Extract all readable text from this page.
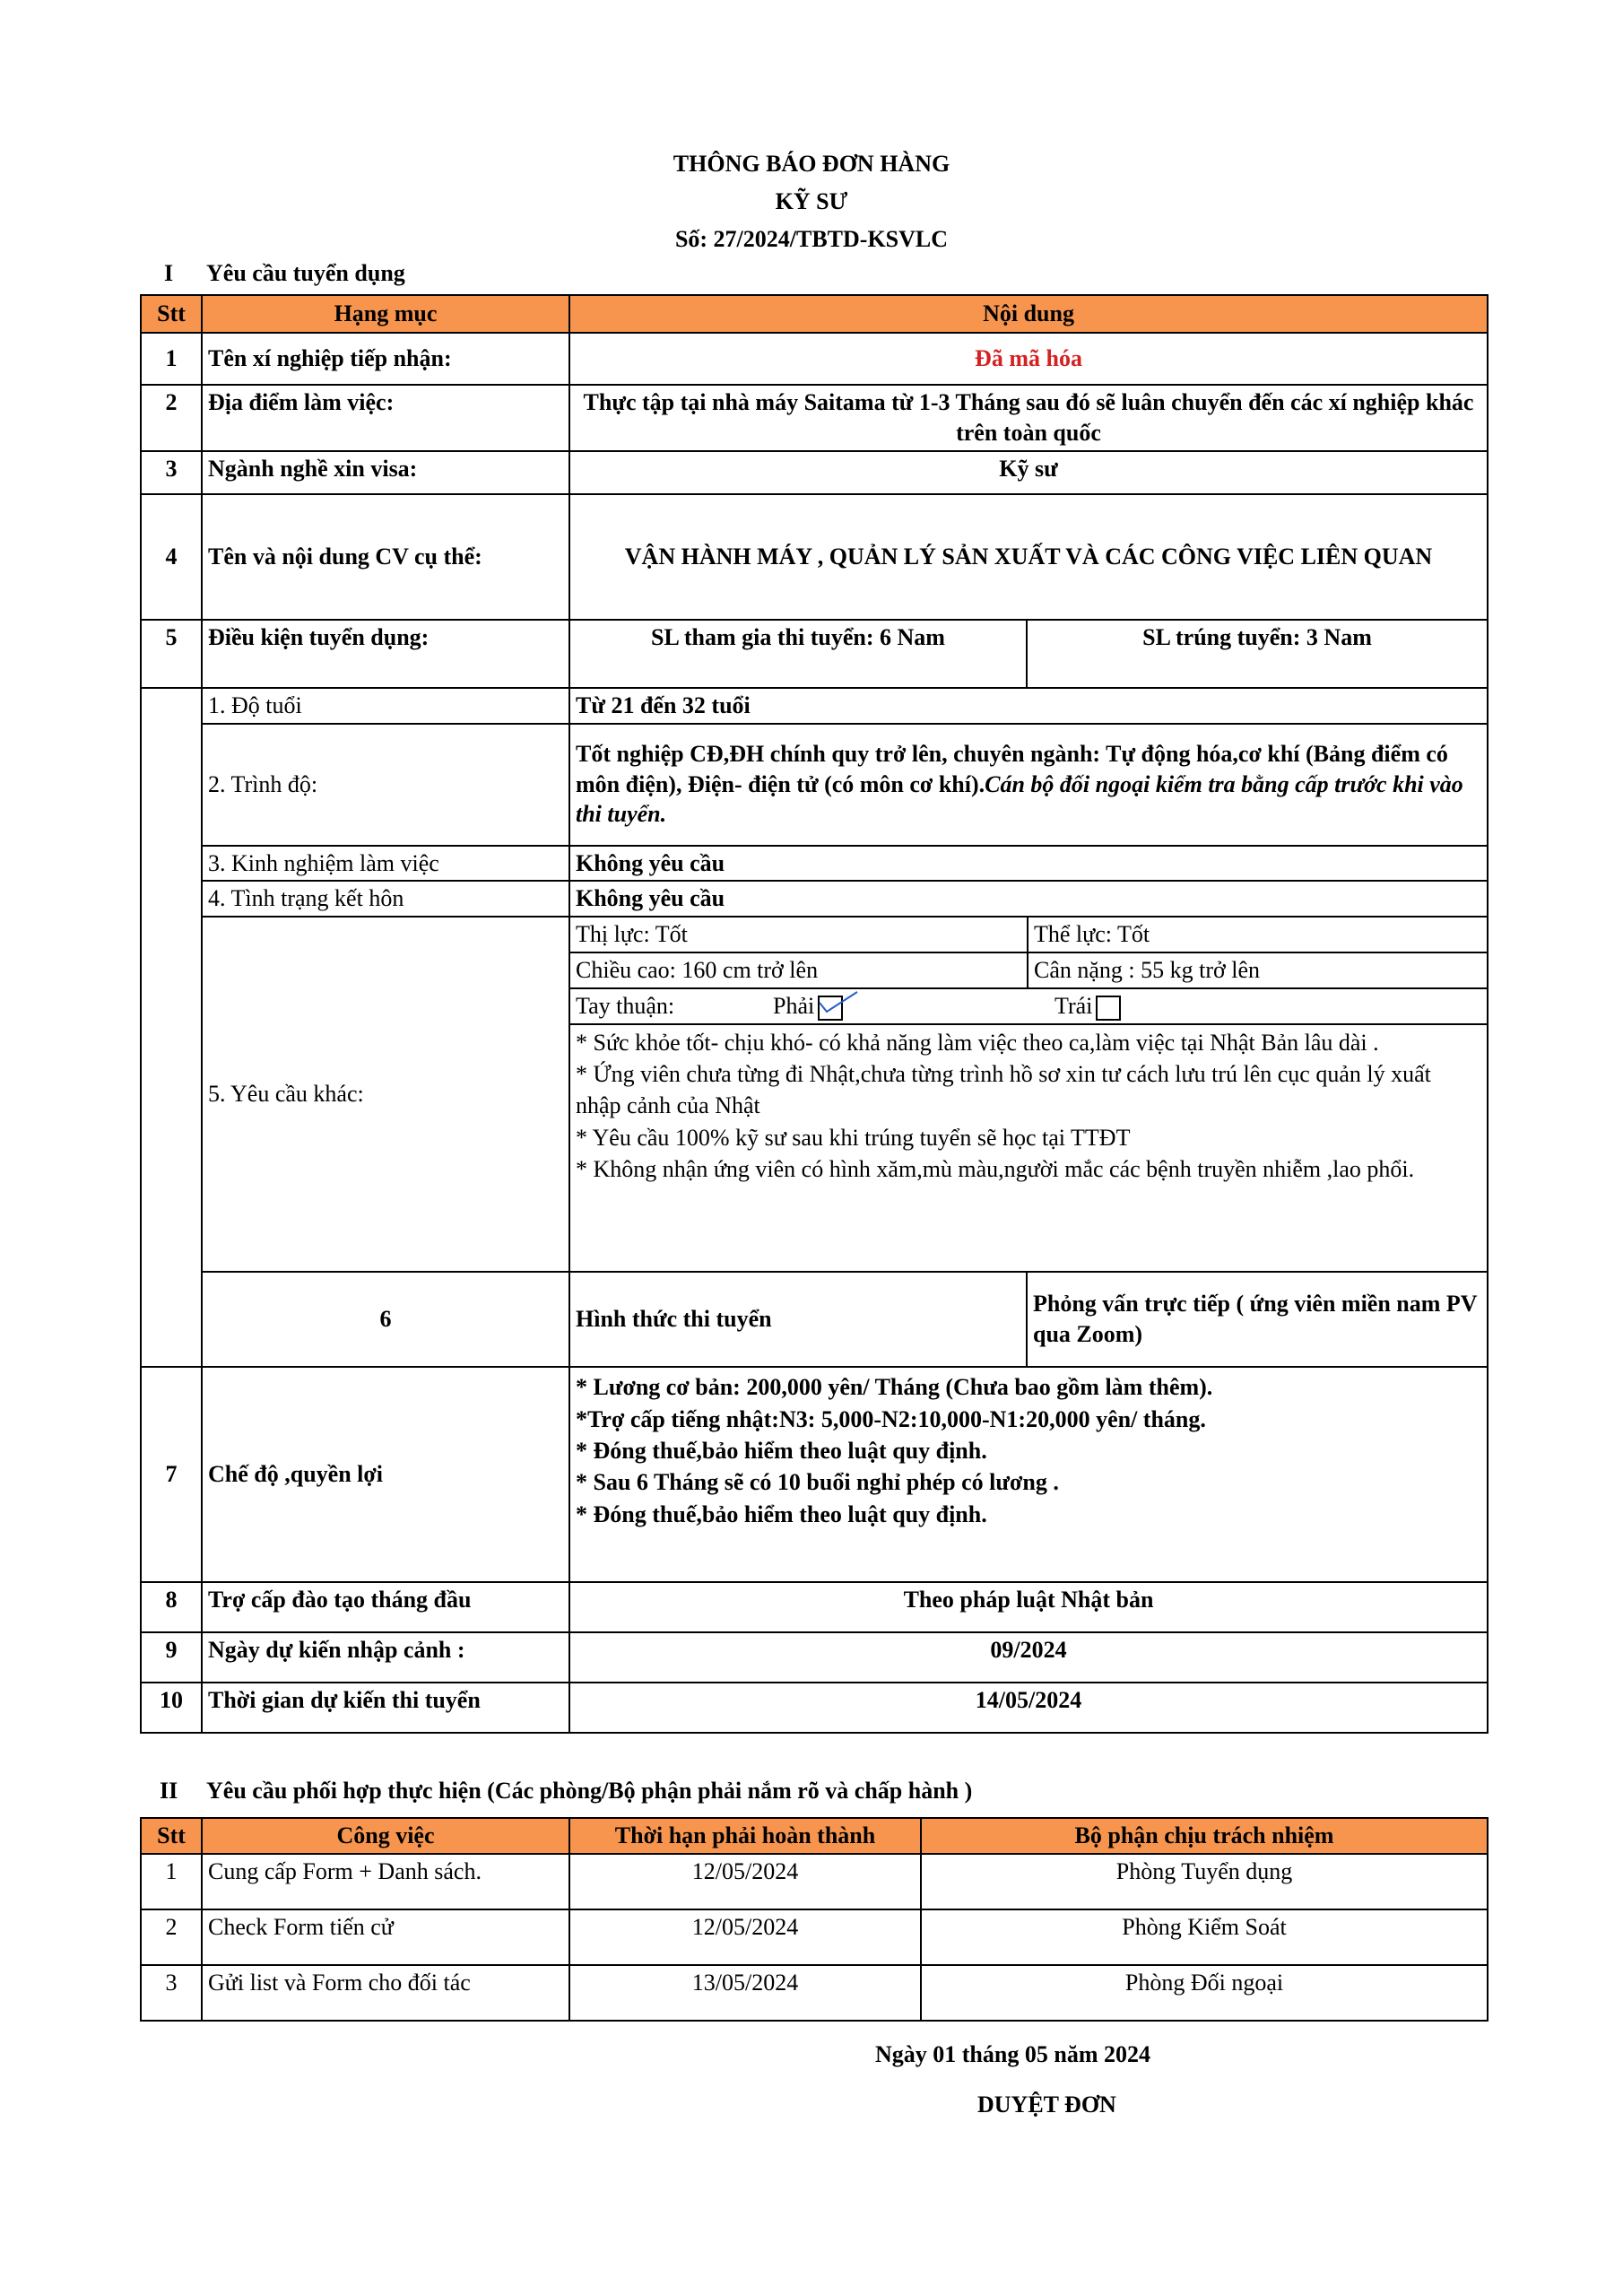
THÔNG BÁO ĐƠN HÀNG
KỸ SƯ
Số: 27/2024/TBTD-KSVLC
I Yêu cầu tuyển dụng
Stt	Hạng mục	Nội dung
1	Tên xí nghiệp tiếp nhận:	Đã mã hóa
2	Địa điểm làm việc:	Thực tập tại nhà máy Saitama từ 1-3 Tháng sau đó sẽ luân chuyển đến các xí nghiệp khác trên toàn quốc
3	Ngành nghề xin visa:	Kỹ sư
4	Tên và nội dung CV cụ thể:	VẬN HÀNH MÁY , QUẢN LÝ SẢN XUẤT VÀ CÁC CÔNG VIỆC LIÊN QUAN
5	Điều kiện tuyển dụng:	SL tham gia thi tuyển: 6 Nam	SL trúng tuyển: 3 Nam
	1. Độ tuổi	Từ 21 đến 32 tuổi
2. Trình độ:	Tốt nghiệp CĐ,ĐH chính quy trở lên, chuyên ngành: Tự động hóa,cơ khí (Bảng điểm có môn điện), Điện- điện tử (có môn cơ khí).Cán bộ đối ngoại kiểm tra bằng cấp trước khi vào thi tuyển.
3. Kinh nghiệm làm việc	Không yêu cầu
4. Tình trạng kết hôn	Không yêu cầu
5. Yêu cầu khác:	
Thị lực: Tốt	Thể lực: Tốt
Chiều cao: 160 cm trở lên	Cân nặng : 55 kg trở lên
Tay thuận:	Phải	Trái

* Sức khỏe tốt- chịu khó- có khả năng làm việc theo ca,làm việc tại Nhật Bản lâu dài .
* Ứng viên chưa từng đi Nhật,chưa từng trình hồ sơ xin tư cách lưu trú lên cục quản lý xuất nhập cảnh của Nhật
* Yêu cầu 100% kỹ sư sau khi trúng tuyển sẽ học tại TTĐT
* Không nhận ứng viên có hình xăm,mù màu,người mắc các bệnh truyền nhiễm ,lao phổi.

6	Hình thức thi tuyển	Phỏng vấn trực tiếp ( ứng viên miền nam PV qua Zoom)
7	Chế độ ,quyền lợi	
* Lương cơ bản: 200,000 yên/ Tháng (Chưa bao gồm làm thêm).
*Trợ cấp tiếng nhật:N3: 5,000-N2:10,000-N1:20,000 yên/ tháng.
* Đóng thuế,bảo hiểm theo luật quy định.
* Sau 6 Tháng sẽ có 10 buổi nghỉ phép có lương .
* Đóng thuế,bảo hiểm theo luật quy định.

8	Trợ cấp đào tạo tháng đầu	Theo pháp luật Nhật bản
9	Ngày dự kiến nhập cảnh :	09/2024
10	Thời gian dự kiến thi tuyển	14/05/2024
II Yêu cầu phối hợp thực hiện (Các phòng/Bộ phận phải nắm rõ và chấp hành )
Stt	Công việc	Thời hạn phải hoàn thành	Bộ phận chịu trách nhiệm
1	Cung cấp Form + Danh sách.	12/05/2024	Phòng Tuyển dụng
2	Check Form tiến cử	12/05/2024	Phòng Kiểm Soát
3	Gửi list và Form cho đối tác	13/05/2024	Phòng Đối ngoại
Ngày 01 tháng 05 năm 2024
DUYỆT ĐƠN
